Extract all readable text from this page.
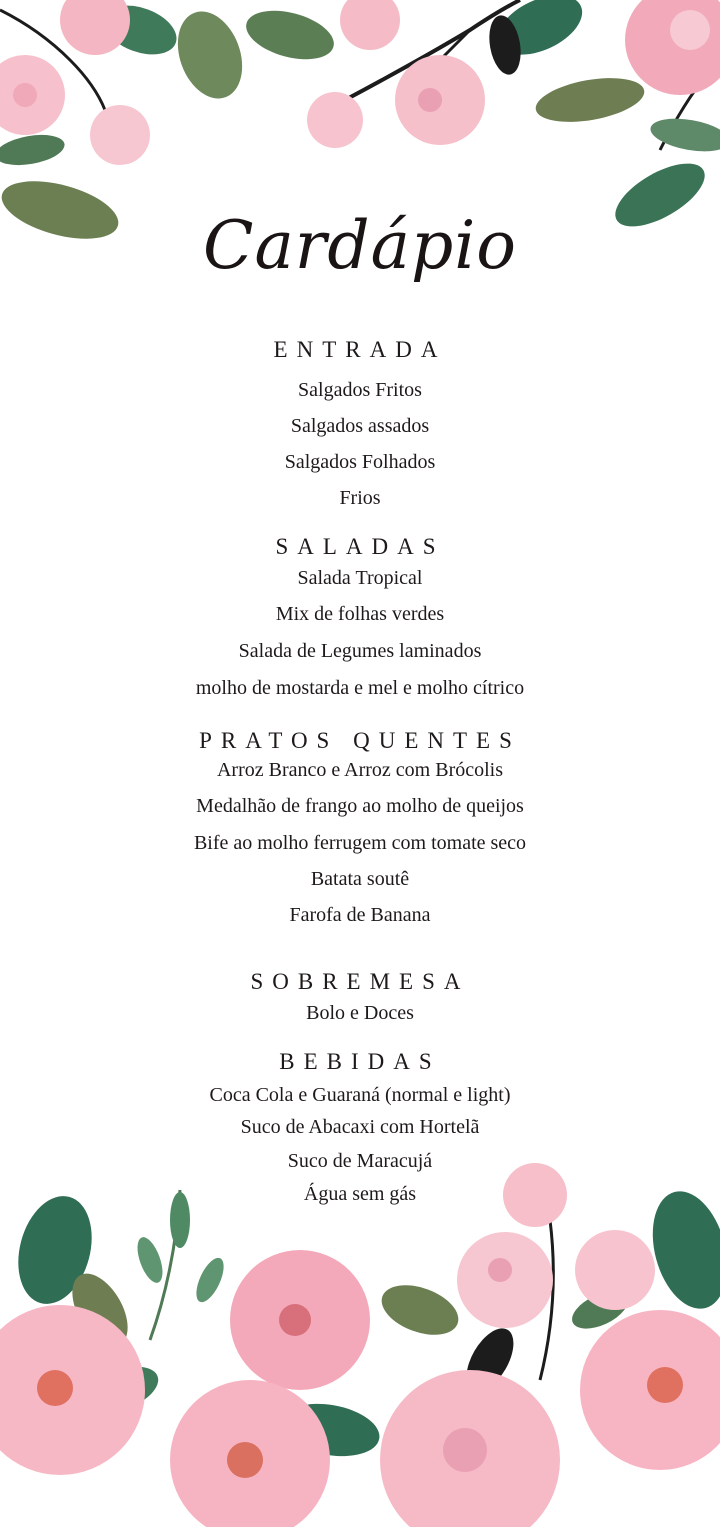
Cardápio
ENTRADA
Salgados Fritos
Salgados assados
Salgados Folhados
Frios
SALADAS
Salada Tropical
Mix de folhas verdes
Salada de Legumes laminados
molho de mostarda e mel e molho cítrico
PRATOS QUENTES
Arroz Branco e Arroz com Brócolis
Medalhão de frango ao molho de queijos
Bife ao molho ferrugem com tomate seco
Batata soutê
Farofa de Banana
SOBREMESA
Bolo e Doces
BEBIDAS
Coca Cola e Guaraná (normal e light)
Suco de Abacaxi com Hortelã
Suco de Maracujá
Água sem gás
